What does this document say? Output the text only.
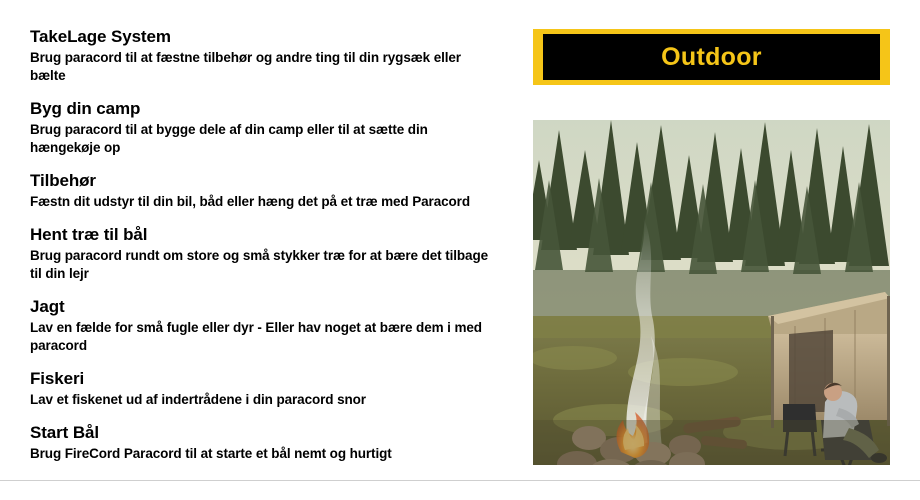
TakeLage System
Brug paracord til at fæstne tilbehør og andre ting til din rygsæk eller bælte
Byg din camp
Brug paracord til at bygge dele af din camp eller til at sætte din hængekøje op
Tilbehør
Fæstn dit udstyr til din bil, båd eller hæng det på et træ med Paracord
Hent træ til bål
Brug paracord rundt om store og små stykker træ for at bære det tilbage til din lejr
Jagt
Lav en fælde for små fugle eller dyr - Eller hav noget at bære dem i med paracord
Fiskeri
Lav et fiskenet ud af indertrådene i din paracord snor
Start Bål
Brug FireCord Paracord til at starte et bål nemt og hurtigt
Outdoor
